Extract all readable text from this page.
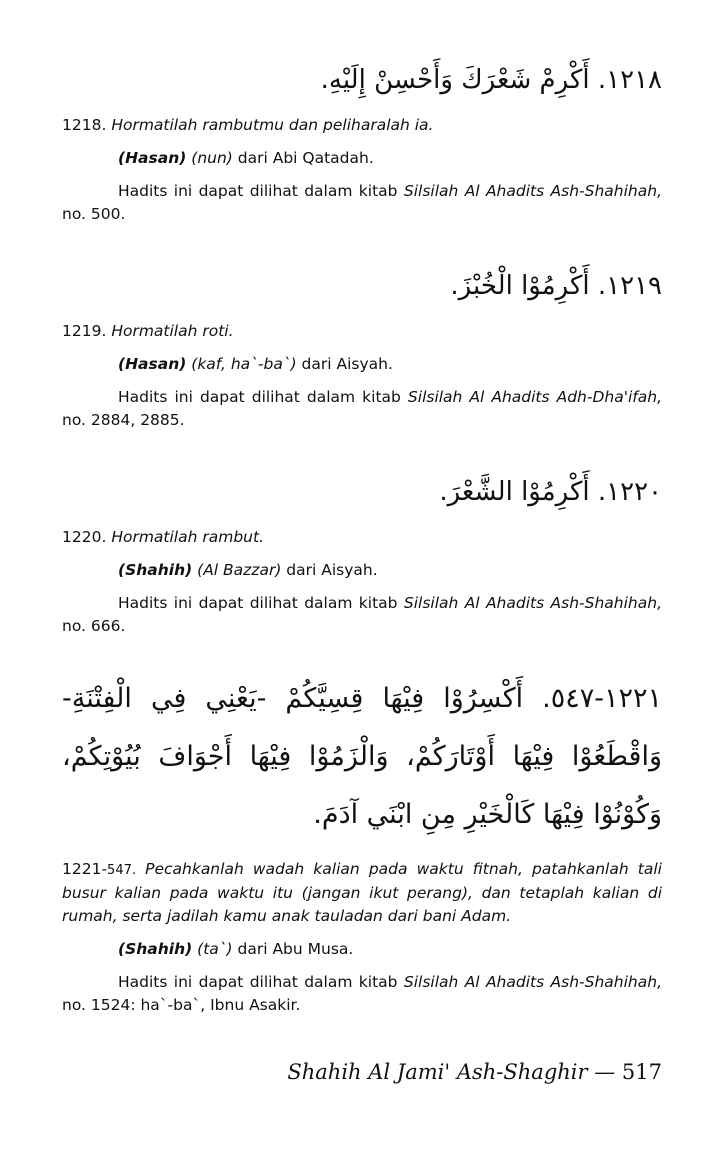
١٢١٨. أَكْرِمْ شَعْرَكَ وَأَحْسِنْ إِلَيْهِ.

1218. Hormatilah rambutmu dan peliharalah ia.

(Hasan) (nun) dari Abi Qatadah.

Hadits ini dapat dilihat dalam kitab Silsilah Al Ahadits Ash-Shahihah, no. 500.

١٢١٩. أَكْرِمُوْا الْخُبْزَ.

1219. Hormatilah roti.

(Hasan) (kaf, ha`-ba`) dari Aisyah.

Hadits ini dapat dilihat dalam kitab Silsilah Al Ahadits Adh-Dha'ifah, no. 2884, 2885.

١٢٢٠. أَكْرِمُوْا الشَّعْرَ.

1220. Hormatilah rambut.

(Shahih) (Al Bazzar) dari Aisyah.

Hadits ini dapat dilihat dalam kitab Silsilah Al Ahadits Ash-Shahihah, no. 666.

١٢٢١-٥٤٧. أَكْسِرُوْا فِيْهَا قِسِيَّكُمْ -يَعْنِي فِي الْفِتْنَةِ- وَاقْطَعُوْا فِيْهَا أَوْتَارَكُمْ، وَالْزَمُوْا فِيْهَا أَجْوَافَ بُيُوْتِكُمْ، وَكُوْنُوْا فِيْهَا كَالْخَيْرِ مِنِ ابْنَي آدَمَ.

1221-547. Pecahkanlah wadah kalian pada waktu fitnah, patahkanlah tali busur kalian pada waktu itu (jangan ikut perang), dan tetaplah kalian di rumah, serta jadilah kamu anak tauladan dari bani Adam.

(Shahih) (ta`) dari Abu Musa.

Hadits ini dapat dilihat dalam kitab Silsilah Al Ahadits Ash-Shahihah, no. 1524: ha`-ba`, Ibnu Asakir.

Shahih Al Jami' Ash-Shaghir — 517
